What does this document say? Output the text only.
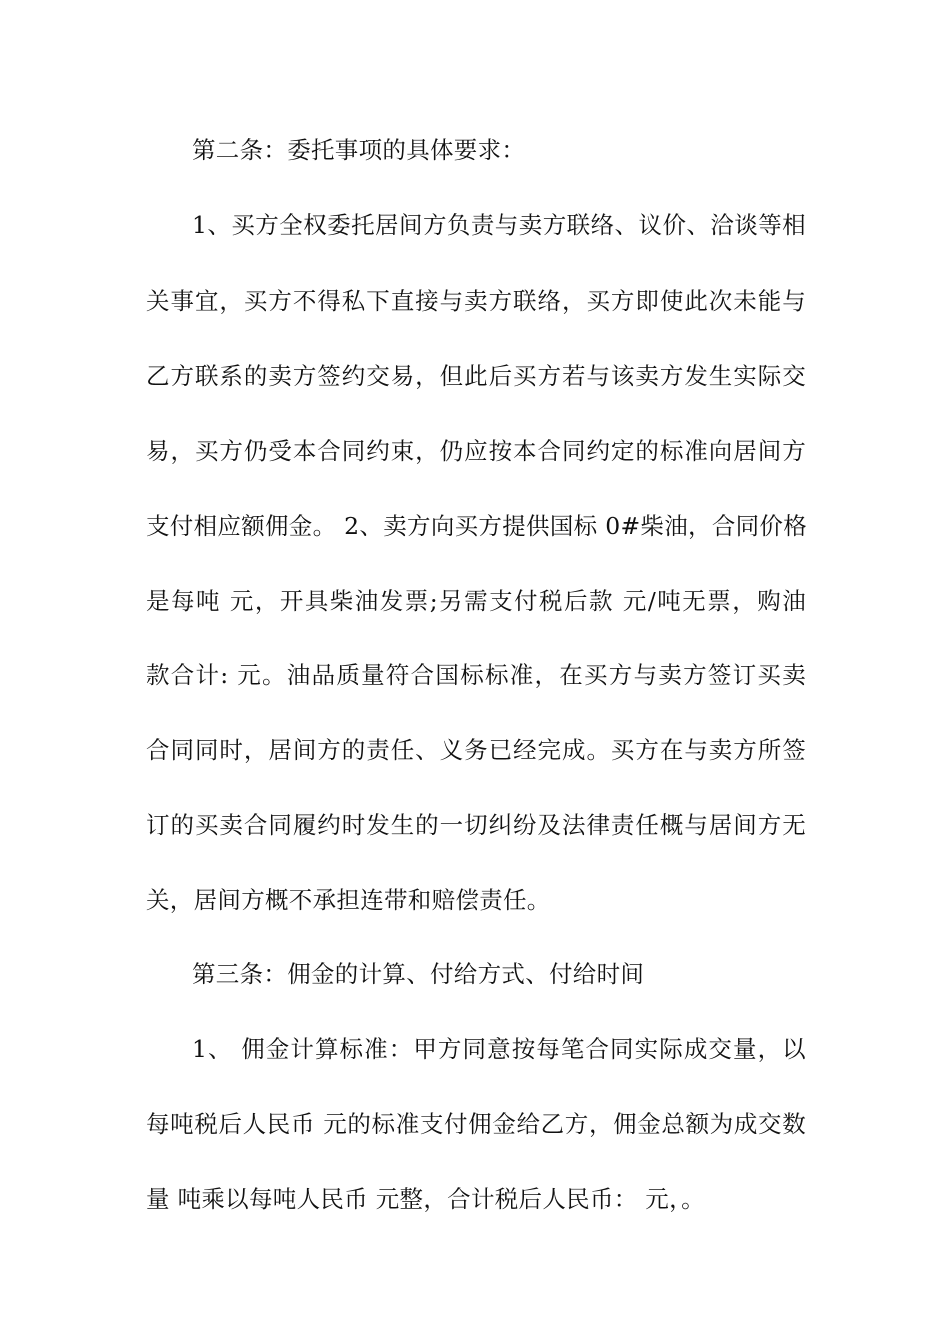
第二条：委托事项的具体要求：
1、买方全权委托居间方负责与卖方联络、议价、洽谈等相
关事宜，买方不得私下直接与卖方联络，买方即使此次未能与
乙方联系的卖方签约交易，但此后买方若与该卖方发生实际交
易，买方仍受本合同约束，仍应按本合同约定的标准向居间方
支付相应额佣金。 2、卖方向买方提供国标 0#柴油，合同价格
是每吨 元，开具柴油发票;另需支付税后款 元/吨无票，购油
款合计: 元。油品质量符合国标标准，在买方与卖方签订买卖
合同同时，居间方的责任、义务已经完成。买方在与卖方所签
订的买卖合同履约时发生的一切纠纷及法律责任概与居间方无
关，居间方概不承担连带和赔偿责任。
第三条：佣金的计算、付给方式、付给时间
1、 佣金计算标准：甲方同意按每笔合同实际成交量，以
每吨税后人民币 元的标准支付佣金给乙方，佣金总额为成交数
量 吨乘以每吨人民币 元整，合计税后人民币： 元，。
